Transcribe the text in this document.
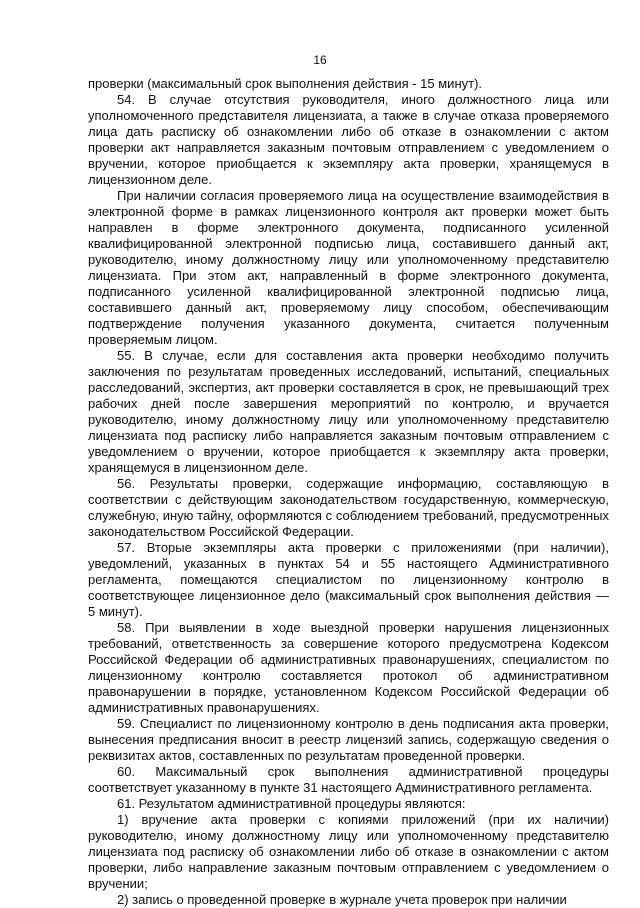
16

проверки (максимальный срок выполнения действия - 15 минут).

54. В случае отсутствия руководителя, иного должностного лица или уполномоченного представителя лицензиата, а также в случае отказа проверяемого лица дать расписку об ознакомлении либо об отказе в ознакомлении с актом проверки акт направляется заказным почтовым отправлением с уведомлением о вручении, которое приобщается к экземпляру акта проверки, хранящемуся в лицензионном деле.

При наличии согласия проверяемого лица на осуществление взаимодействия в электронной форме в рамках лицензионного контроля акт проверки может быть направлен в форме электронного документа, подписанного усиленной квалифицированной электронной подписью лица, составившего данный акт, руководителю, иному должностному лицу или уполномоченному представителю лицензиата. При этом акт, направленный в форме электронного документа, подписанного усиленной квалифицированной электронной подписью лица, составившего данный акт, проверяемому лицу способом, обеспечивающим подтверждение получения указанного документа, считается полученным проверяемым лицом.

55. В случае, если для составления акта проверки необходимо получить заключения по результатам проведенных исследований, испытаний, специальных расследований, экспертиз, акт проверки составляется в срок, не превышающий трех рабочих дней после завершения мероприятий по контролю, и вручается руководителю, иному должностному лицу или уполномоченному представителю лицензиата под расписку либо направляется заказным почтовым отправлением с уведомлением о вручении, которое приобщается к экземпляру акта проверки, хранящемуся в лицензионном деле.

56. Результаты проверки, содержащие информацию, составляющую в соответствии с действующим законодательством государственную, коммерческую, служебную, иную тайну, оформляются с соблюдением требований, предусмотренных законодательством Российской Федерации.

57. Вторые экземпляры акта проверки с приложениями (при наличии), уведомлений, указанных в пунктах 54 и 55 настоящего Административного регламента, помещаются специалистом по лицензионному контролю в соответствующее лицензионное дело (максимальный срок выполнения действия — 5 минут).

58. При выявлении в ходе выездной проверки нарушения лицензионных требований, ответственность за совершение которого предусмотрена Кодексом Российской Федерации об административных правонарушениях, специалистом по лицензионному контролю составляется протокол об административном правонарушении в порядке, установленном Кодексом Российской Федерации об административных правонарушениях.

59. Специалист по лицензионному контролю в день подписания акта проверки, вынесения предписания вносит в реестр лицензий запись, содержащую сведения о реквизитах актов, составленных по результатам проведенной проверки.

60. Максимальный срок выполнения административной процедуры соответствует указанному в пункте 31 настоящего Административного регламента.

61. Результатом административной процедуры являются:

1) вручение акта проверки с копиями приложений (при их наличии) руководителю, иному должностному лицу или уполномоченному представителю лицензиата под расписку об ознакомлении либо об отказе в ознакомлении с актом проверки, либо направление заказным почтовым отправлением с уведомлением о вручении;

2) запись о проведенной проверке в журнале учета проверок при наличии
